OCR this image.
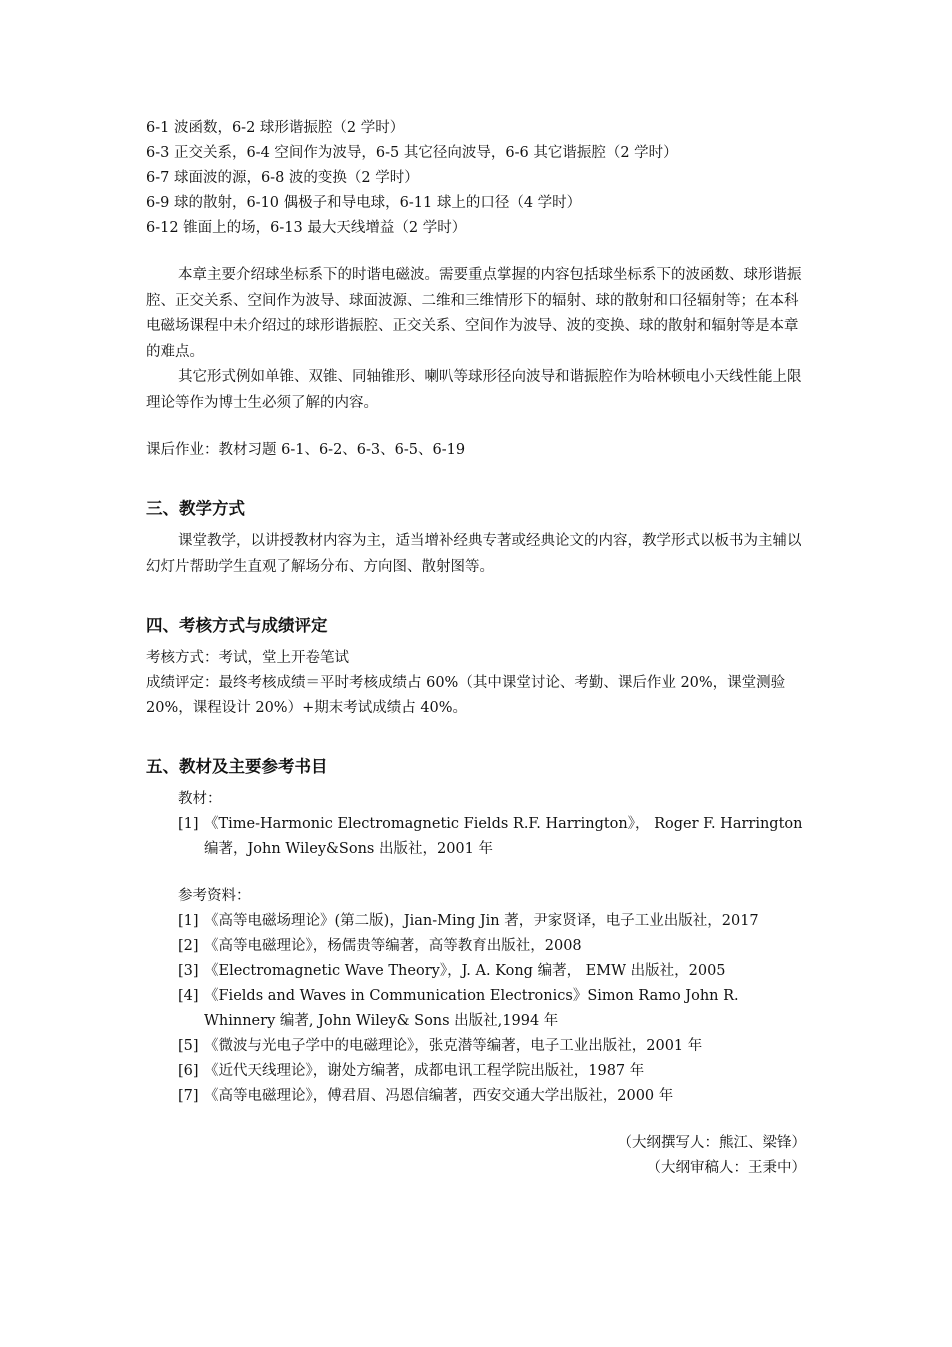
6-1 波函数，6-2 球形谐振腔（2 学时）
6-3 正交关系，6-4 空间作为波导，6-5 其它径向波导，6-6 其它谐振腔（2 学时）
6-7 球面波的源，6-8 波的变换（2 学时）
6-9 球的散射，6-10 偶极子和导电球，6-11 球上的口径（4 学时）
6-12 锥面上的场，6-13 最大天线增益（2 学时）

本章主要介绍球坐标系下的时谐电磁波。需要重点掌握的内容包括球坐标系下的波函数、球形谐振腔、正交关系、空间作为波导、球面波源、二维和三维情形下的辐射、球的散射和口径辐射等；在本科电磁场课程中未介绍过的球形谐振腔、正交关系、空间作为波导、波的变换、球的散射和辐射等是本章的难点。

其它形式例如单锥、双锥、同轴锥形、喇叭等球形径向波导和谐振腔作为哈林顿电小天线性能上限理论等作为博士生必须了解的内容。

课后作业：教材习题 6-1、6-2、6-3、6-5、6-19
三、教学方式

课堂教学，以讲授教材内容为主，适当增补经典专著或经典论文的内容，教学形式以板书为主辅以幻灯片帮助学生直观了解场分布、方向图、散射图等。

四、考核方式与成绩评定
考核方式：考试，堂上开卷笔试
成绩评定：最终考核成绩＝平时考核成绩占 60%（其中课堂讨论、考勤、课后作业 20%，课堂测验 20%，课程设计 20%）+期末考试成绩占 40%。
五、教材及主要参考书目
教材：
[1] 《Time-Harmonic Electromagnetic Fields R.F. Harrington》， Roger F. Harrington 编著，John Wiley&Sons 出版社，2001 年
参考资料：
[1] 《高等电磁场理论》(第二版)，Jian-Ming Jin 著，尹家贤译，电子工业出版社，2017
[2] 《高等电磁理论》，杨儒贵等编著，高等教育出版社，2008
[3] 《Electromagnetic Wave Theory》，J. A. Kong 编著， EMW 出版社，2005
[4] 《Fields and Waves in Communication Electronics》Simon Ramo John R. Whinnery 编著, John Wiley& Sons 出版社,1994 年
[5] 《微波与光电子学中的电磁理论》，张克潜等编著，电子工业出版社，2001 年
[6] 《近代天线理论》，谢处方编著，成都电讯工程学院出版社，1987 年
[7] 《高等电磁理论》，傅君眉、冯恩信编著，西安交通大学出版社，2000 年
（大纲撰写人：熊江、梁锋）
（大纲审稿人：王秉中）
